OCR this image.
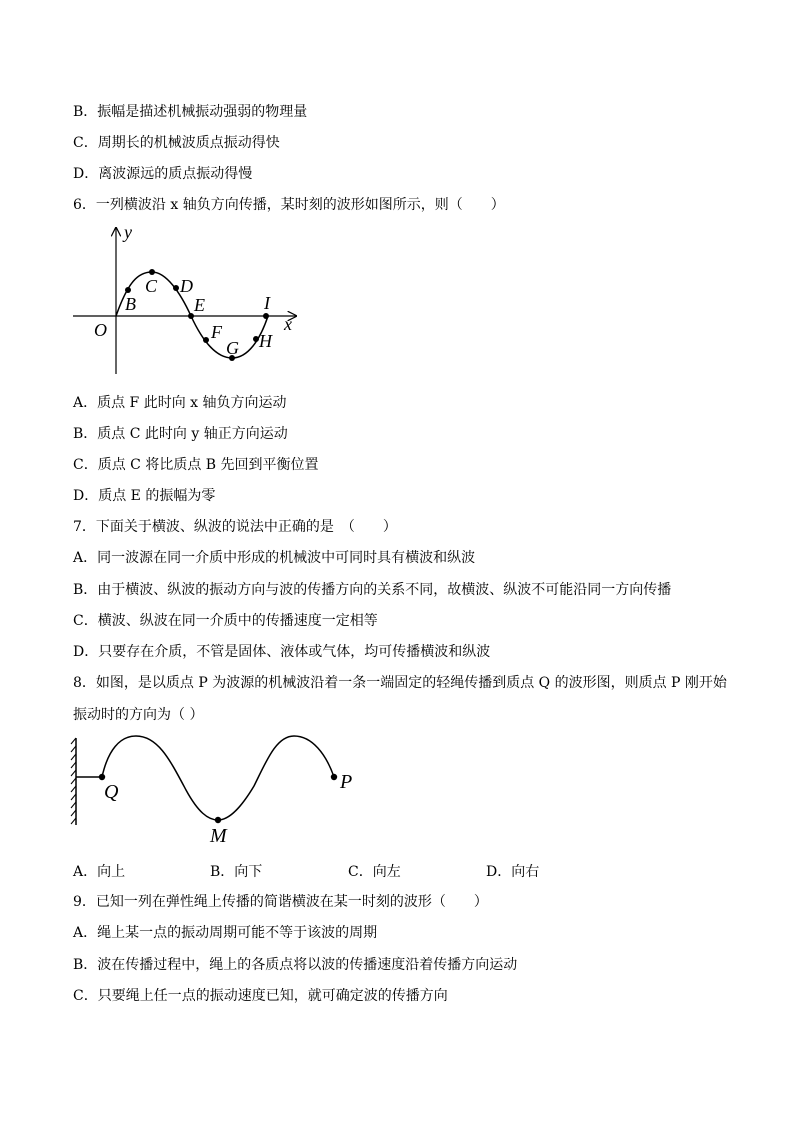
B．振幅是描述机械振动强弱的物理量
C．周期长的机械波质点振动得快
D．离波源远的质点振动得慢
6．一列横波沿 x 轴负方向传播，某时刻的波形如图所示，则（　　）
y
x
O
B
C D
E
F
G H
I
A．质点 F 此时向 x 轴负方向运动
B．质点 C 此时向 y 轴正方向运动
C．质点 C 将比质点 B 先回到平衡位置
D．质点 E 的振幅为零
7．下面关于横波、纵波的说法中正确的是　（　　）
A．同一波源在同一介质中形成的机械波中可同时具有横波和纵波
B．由于横波、纵波的振动方向与波的传播方向的关系不同，故横波、纵波不可能沿同一方向传播
C．横波、纵波在同一介质中的传播速度一定相等
D．只要存在介质，不管是固体、液体或气体，均可传播横波和纵波
8．如图，是以质点 P 为波源的机械波沿着一条一端固定的轻绳传播到质点 Q 的波形图，则质点 P 刚开始
振动时的方向为（ ）
Q
M
P
A．向上	B．向下	C．向左	D．向右
9．已知一列在弹性绳上传播的简谐横波在某一时刻的波形（　　）
A．绳上某一点的振动周期可能不等于该波的周期
B．波在传播过程中，绳上的各质点将以波的传播速度沿着传播方向运动
C．只要绳上任一点的振动速度已知，就可确定波的传播方向
